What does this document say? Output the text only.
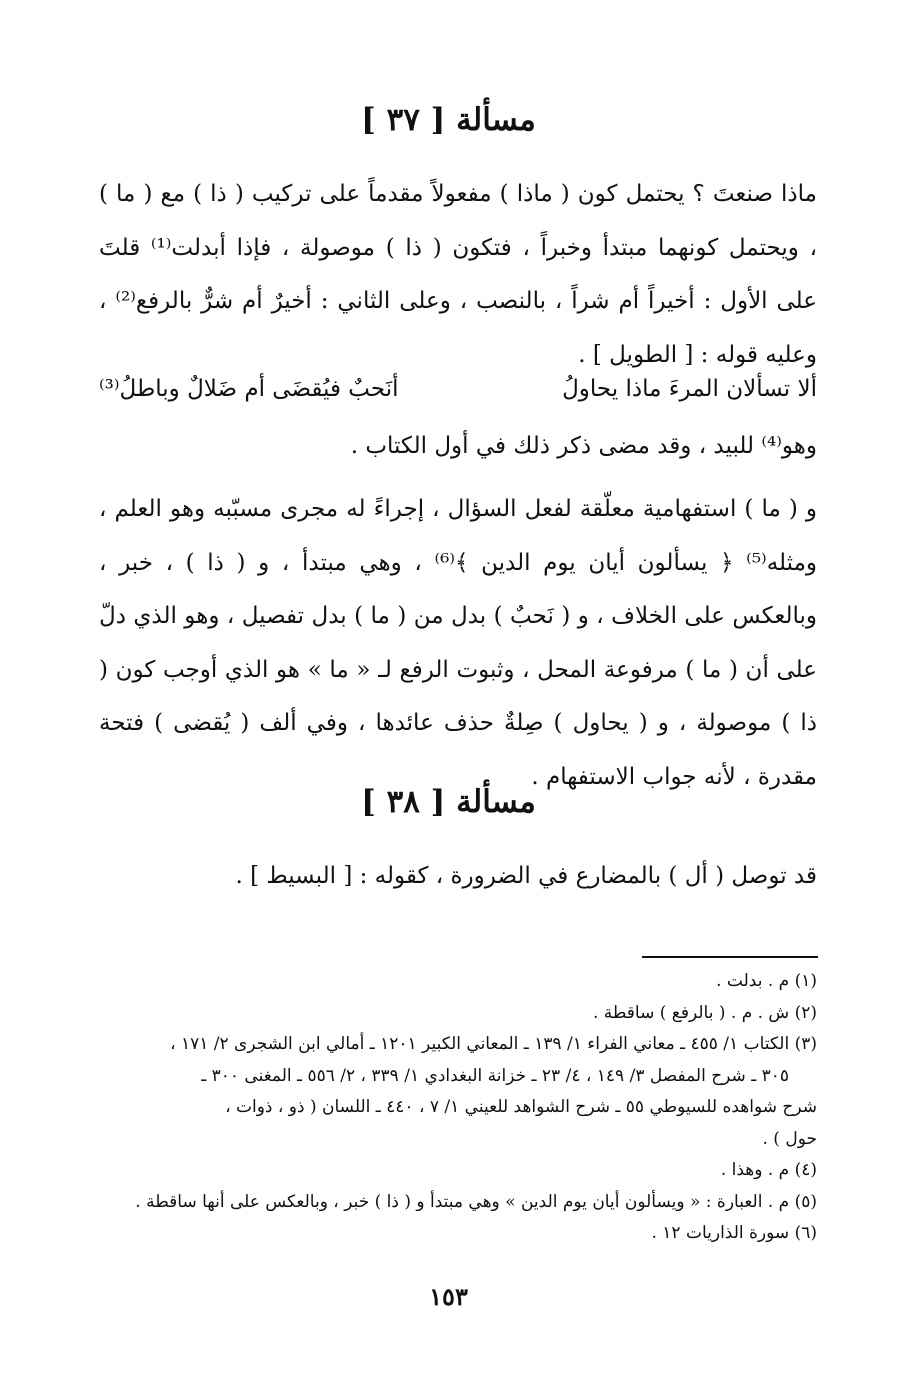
مسألة [ ٣٧ ]

ماذا صنعتَ ؟ يحتمل كون ( ماذا ) مفعولاً مقدماً على تركيب ( ذا ) مع ( ما ) ، ويحتمل كونهما مبتدأ وخبراً ، فتكون ( ذا ) موصولة ، فإذا أبدلت⁽¹⁾ قلتَ على الأول : أخيراً أم شراً ، بالنصب ، وعلى الثاني : أخيرٌ أم شرٌّ بالرفع⁽²⁾ ، وعليه قوله : [ الطويل ] .

ألا تسألان المرءَ ماذا يحاولُ
أنَحبٌ فيُقضَى أم ضَلالٌ وباطلُ⁽³⁾

وهو⁽⁴⁾ للبيد ، وقد مضى ذكر ذلك في أول الكتاب .

و ( ما ) استفهامية معلّقة لفعل السؤال ، إجراءً له مجرى مسبّبه وهو العلم ، ومثله⁽⁵⁾ ﴿ يسألون أيان يوم الدين ﴾⁽⁶⁾ ، وهي مبتدأ ، و ( ذا ) ، خبر ، وبالعكس على الخلاف ، و ( نَحبٌ ) بدل من ( ما ) بدل تفصيل ، وهو الذي دلّ على أن ( ما ) مرفوعة المحل ، وثبوت الرفع لـ « ما » هو الذي أوجب كون ( ذا ) موصولة ، و ( يحاول ) صِلةٌ حذف عائدها ، وفي ألف ( يُقضى ) فتحة مقدرة ، لأنه جواب الاستفهام .

مسألة [ ٣٨ ]

قد توصل ( أل ) بالمضارع في الضرورة ، كقوله : [ البسيط ] .

(١) م . بدلت .
(٢) ش . م . ( بالرفع ) ساقطة .
(٣) الكتاب ١/ ٤٥٥ ـ معاني الفراء ١/ ١٣٩ ـ المعاني الكبير ١٢٠١ ـ أمالي ابن الشجرى ٢/ ١٧١ ،
٣٠٥ ـ شرح المفصل ٣/ ١٤٩ ، ٤/ ٢٣ ـ خزانة البغدادي ١/ ٣٣٩ ، ٢/ ٥٥٦ ـ المغنى ٣٠٠ ـ
شرح شواهده للسيوطي ٥٥ ـ شرح الشواهد للعيني ١/ ٧ ، ٤٤٠ ـ اللسان ( ذو ، ذوات ،
حول ) .
(٤) م . وهذا .
(٥) م . العبارة : « ويسألون أيان يوم الدين » وهي مبتدأ و ( ذا ) خبر ، وبالعكس على أنها ساقطة .
(٦) سورة الذاريات ١٢ .
١٥٣
